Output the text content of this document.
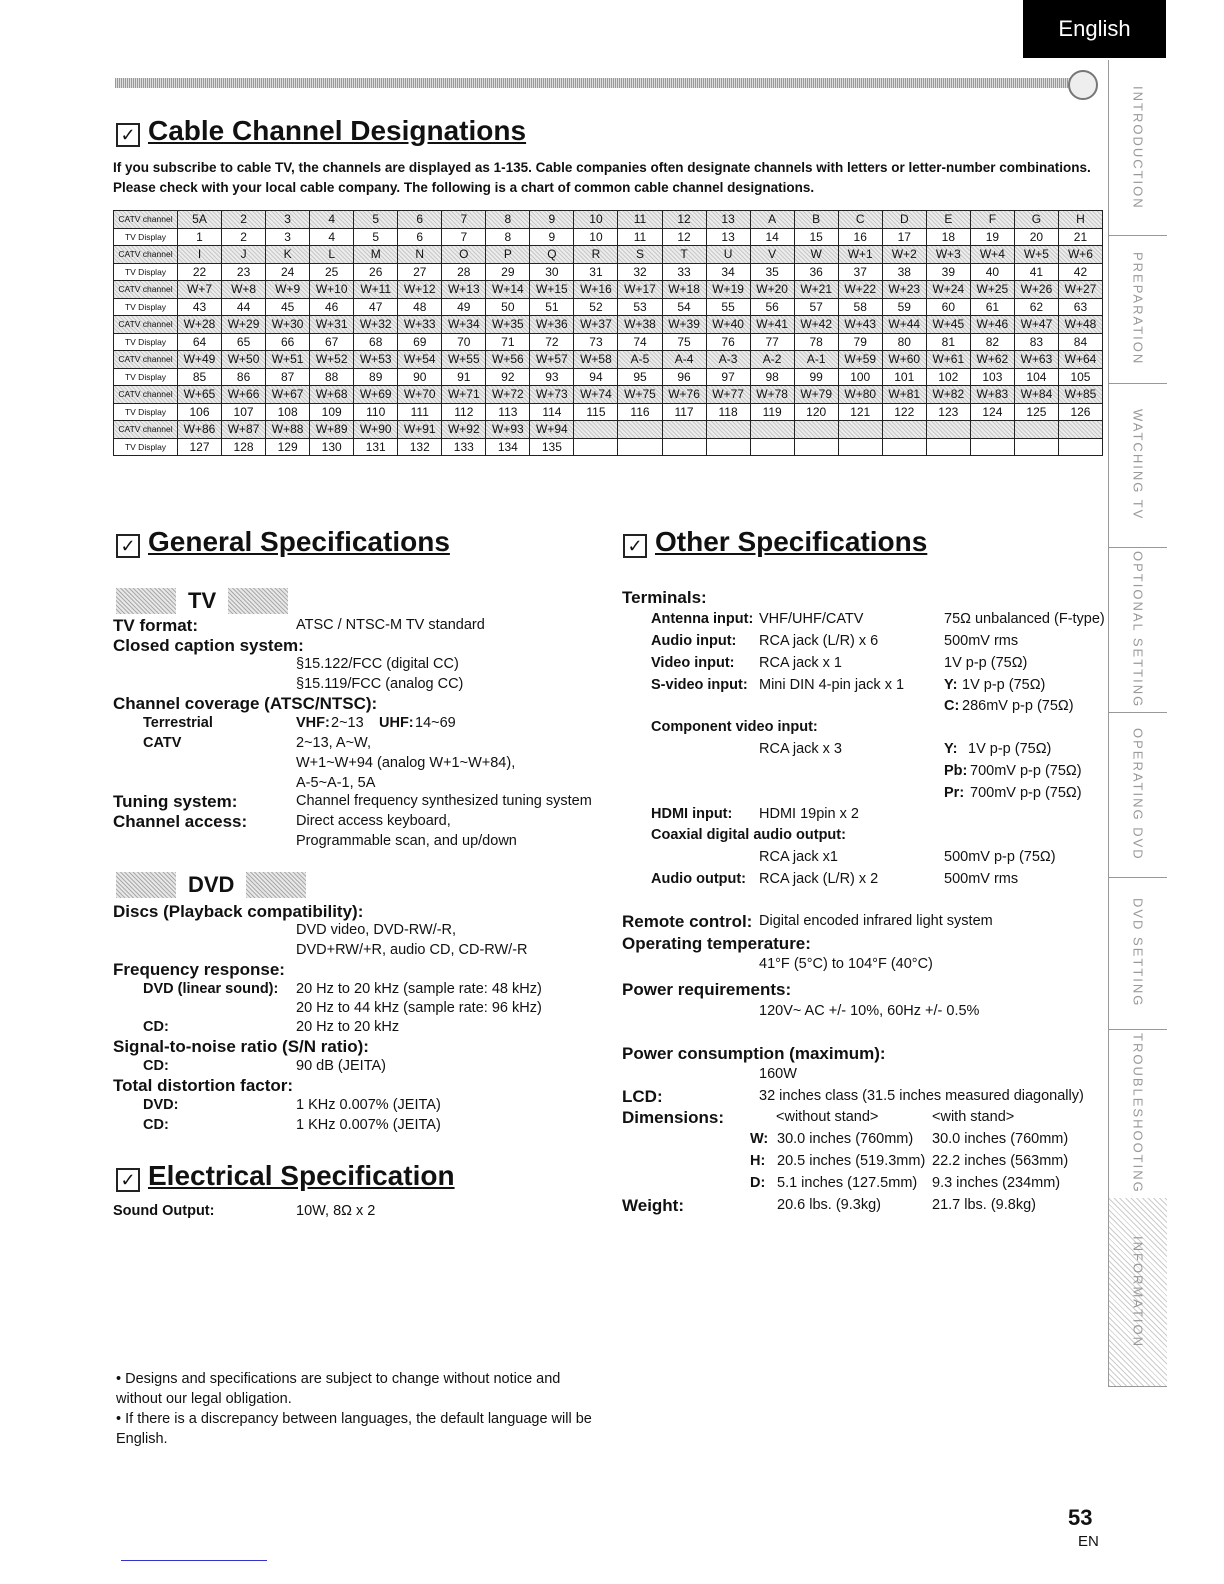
English
✓ Cable Channel Designations
If you subscribe to cable TV, the channels are displayed as 1-135. Cable companies often designate channels with letters or letter-number combinations. Please check with your local cable company. The following is a chart of common cable channel designations.
CATV channel	5A	2	3	4	5	6	7	8	9	10	11	12	13	A	B	C	D	E	F	G	H
TV Display	1	2	3	4	5	6	7	8	9	10	11	12	13	14	15	16	17	18	19	20	21
CATV channel	I	J	K	L	M	N	O	P	Q	R	S	T	U	V	W	W+1	W+2	W+3	W+4	W+5	W+6
TV Display	22	23	24	25	26	27	28	29	30	31	32	33	34	35	36	37	38	39	40	41	42
CATV channel	W+7	W+8	W+9	W+10	W+11	W+12	W+13	W+14	W+15	W+16	W+17	W+18	W+19	W+20	W+21	W+22	W+23	W+24	W+25	W+26	W+27
TV Display	43	44	45	46	47	48	49	50	51	52	53	54	55	56	57	58	59	60	61	62	63
CATV channel	W+28	W+29	W+30	W+31	W+32	W+33	W+34	W+35	W+36	W+37	W+38	W+39	W+40	W+41	W+42	W+43	W+44	W+45	W+46	W+47	W+48
TV Display	64	65	66	67	68	69	70	71	72	73	74	75	76	77	78	79	80	81	82	83	84
CATV channel	W+49	W+50	W+51	W+52	W+53	W+54	W+55	W+56	W+57	W+58	A-5	A-4	A-3	A-2	A-1	W+59	W+60	W+61	W+62	W+63	W+64
TV Display	85	86	87	88	89	90	91	92	93	94	95	96	97	98	99	100	101	102	103	104	105
CATV channel	W+65	W+66	W+67	W+68	W+69	W+70	W+71	W+72	W+73	W+74	W+75	W+76	W+77	W+78	W+79	W+80	W+81	W+82	W+83	W+84	W+85
TV Display	106	107	108	109	110	111	112	113	114	115	116	117	118	119	120	121	122	123	124	125	126
CATV channel	W+86	W+87	W+88	W+89	W+90	W+91	W+92	W+93	W+94												
TV Display	127	128	129	130	131	132	133	134	135												
✓ General Specifications
TV
TV format:	ATSC / NTSC-M TV standard
Closed caption system:
§15.122/FCC (digital CC)
§15.119/FCC (analog CC)
Channel coverage (ATSC/NTSC):
Terrestrial	VHF: 2~13 UHF: 14~69
CATV	2~13, A~W,
W+1~W+94 (analog W+1~W+84),
A-5~A-1, 5A
Tuning system:	Channel frequency synthesized tuning system
Channel access:	Direct access keyboard,
Programmable scan, and up/down
DVD
Discs (Playback compatibility):
DVD video, DVD-RW/-R,
DVD+RW/+R, audio CD, CD-RW/-R
Frequency response:
DVD (linear sound): 20 Hz to 20 kHz (sample rate: 48 kHz)
20 Hz to 44 kHz (sample rate: 96 kHz)
CD:	20 Hz to 20 kHz
Signal-to-noise ratio (S/N ratio):
CD:	90 dB (JEITA)
Total distortion factor:
DVD:	1 KHz 0.007% (JEITA)
CD:	1 KHz 0.007% (JEITA)
✓ Electrical Specification
Sound Output:	10W, 8Ω x 2
✓ Other Specifications
Terminals:
Antenna input: VHF/UHF/CATV	75Ω unbalanced (F-type)
Audio input: RCA jack (L/R) x 6	500mV rms
Video input: RCA jack x 1	1V p-p (75Ω)
S-video input: Mini DIN 4-pin jack x 1	Y: 1V p-p (75Ω)
C: 286mV p-p (75Ω)
Component video input:
RCA jack x 3	Y: 1V p-p (75Ω)
Pb: 700mV p-p (75Ω)
Pr: 700mV p-p (75Ω)
HDMI input: HDMI 19pin x 2
Coaxial digital audio output:
RCA jack x1	500mV p-p (75Ω)
Audio output: RCA jack (L/R) x 2	500mV rms
Remote control: Digital encoded infrared light system
Operating temperature:
41°F (5°C) to 104°F (40°C)
Power requirements:
120V~ AC +/- 10%, 60Hz +/- 0.5%
Power consumption (maximum):
160W
LCD:	32 inches class (31.5 inches measured diagonally)
Dimensions:	<without stand>	<with stand>
W: 30.0 inches (760mm) 30.0 inches (760mm)
H: 20.5 inches (519.3mm) 22.2 inches (563mm)
D: 5.1 inches (127.5mm) 9.3 inches (234mm)
Weight:	20.6 lbs. (9.3kg)	21.7 lbs. (9.8kg)
• Designs and specifications are subject to change without notice and without our legal obligation.
• If there is a discrepancy between languages, the default language will be English.
INTRODUCTION
PREPARATION
WATCHING TV
OPTIONAL SETTING
OPERATING DVD
DVD SETTING
TROUBLESHOOTING
INFORMATION
53
EN
